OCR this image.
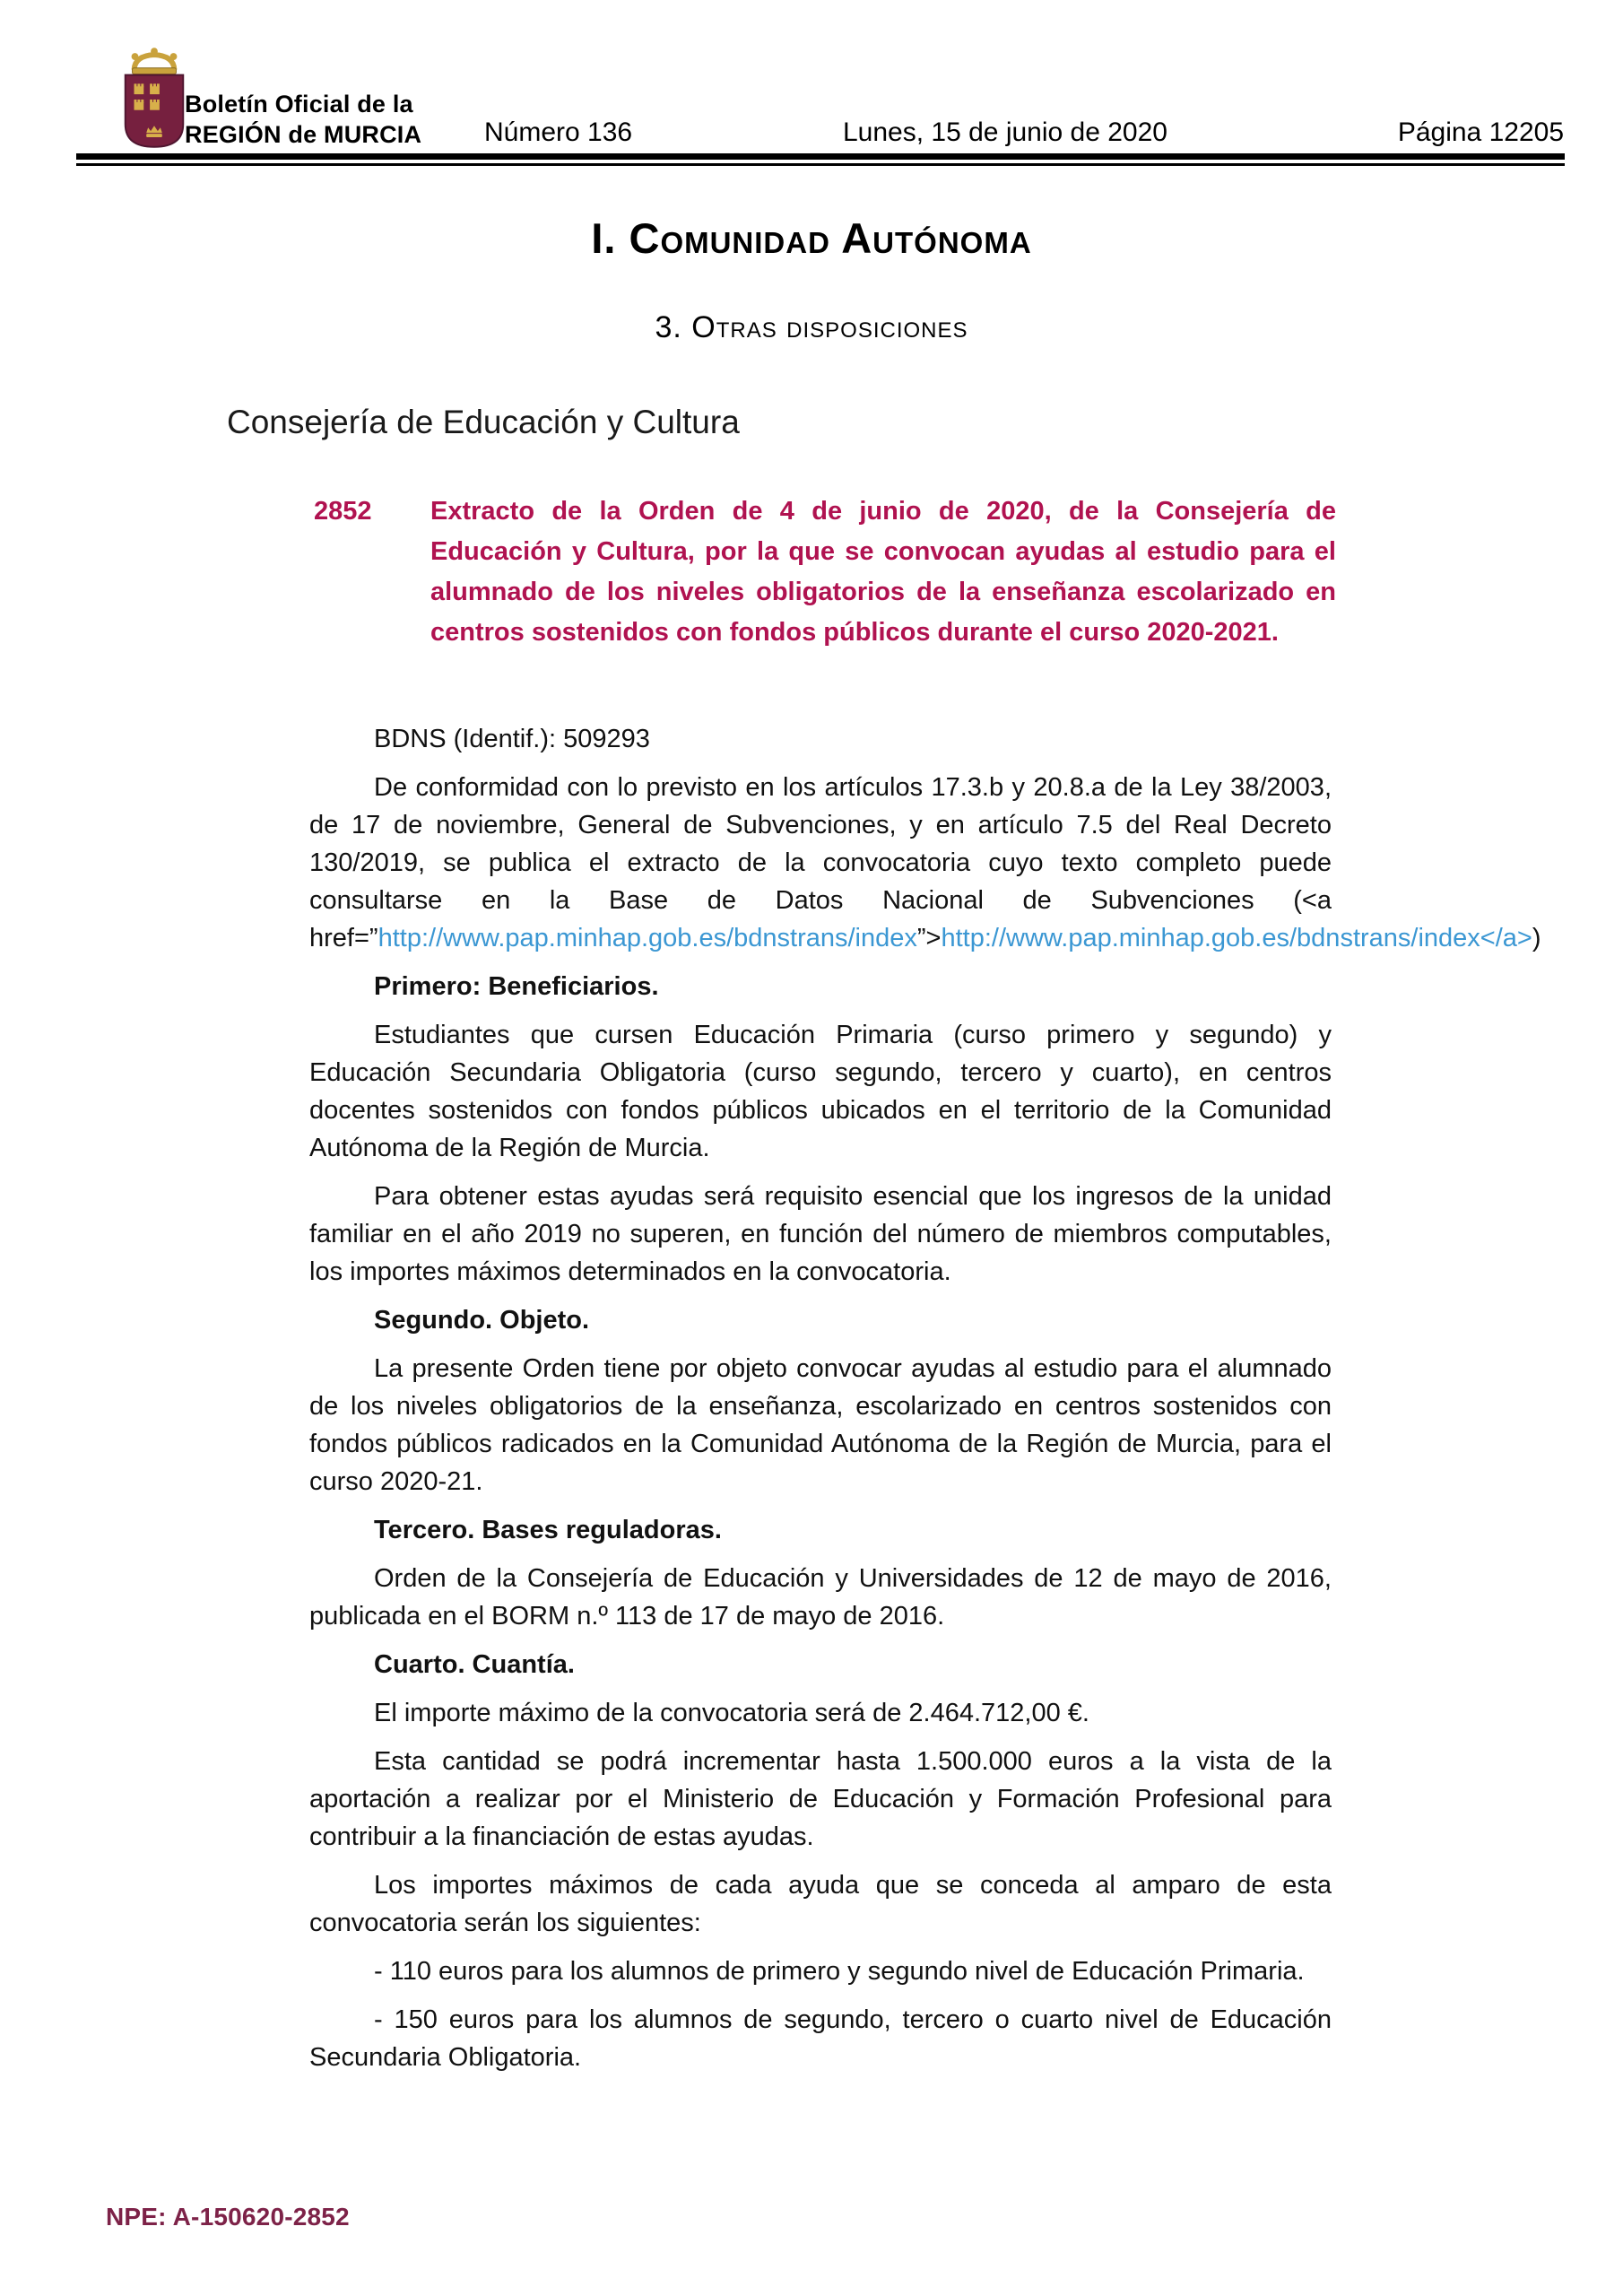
Boletín Oficial de la
REGIÓN de MURCIA Número 136	Lunes, 15 de junio de 2020	Página 12205
I. Comunidad Autónoma
3. Otras disposiciones
Consejería de Educación y Cultura
2852	Extracto de la Orden de 4 de junio de 2020, de la Consejería de Educación y Cultura, por la que se convocan ayudas al estudio para el alumnado de los niveles obligatorios de la enseñanza escolarizado en centros sostenidos con fondos públicos durante el curso 2020-2021.

BDNS (Identif.): 509293

De conformidad con lo previsto en los artículos 17.3.b y 20.8.a de la Ley 38/2003, de 17 de noviembre, General de Subvenciones, y en artículo 7.5 del Real Decreto 130/2019, se publica el extracto de la convocatoria cuyo texto completo puede consultarse en la Base de Datos Nacional de Subvenciones (<a href=”http://www.pap.minhap.gob.es/bdnstrans/index”>http://www.pap.minhap.gob.es/bdnstrans/index</a>)

Primero: Beneficiarios.

Estudiantes que cursen Educación Primaria (curso primero y segundo) y Educación Secundaria Obligatoria (curso segundo, tercero y cuarto), en centros docentes sostenidos con fondos públicos ubicados en el territorio de la Comunidad Autónoma de la Región de Murcia.

Para obtener estas ayudas será requisito esencial que los ingresos de la unidad familiar en el año 2019 no superen, en función del número de miembros computables, los importes máximos determinados en la convocatoria.

Segundo. Objeto.

La presente Orden tiene por objeto convocar ayudas al estudio para el alumnado de los niveles obligatorios de la enseñanza, escolarizado en centros sostenidos con fondos públicos radicados en la Comunidad Autónoma de la Región de Murcia, para el curso 2020-21.

Tercero. Bases reguladoras.

Orden de la Consejería de Educación y Universidades de 12 de mayo de 2016, publicada en el BORM n.º 113 de 17 de mayo de 2016.

Cuarto. Cuantía.

El importe máximo de la convocatoria será de 2.464.712,00 €.

Esta cantidad se podrá incrementar hasta 1.500.000 euros a la vista de la aportación a realizar por el Ministerio de Educación y Formación Profesional para contribuir a la financiación de estas ayudas.

Los importes máximos de cada ayuda que se conceda al amparo de esta convocatoria serán los siguientes:

- 110 euros para los alumnos de primero y segundo nivel de Educación Primaria.

- 150 euros para los alumnos de segundo, tercero o cuarto nivel de Educación Secundaria Obligatoria.

NPE: A-150620-2852
